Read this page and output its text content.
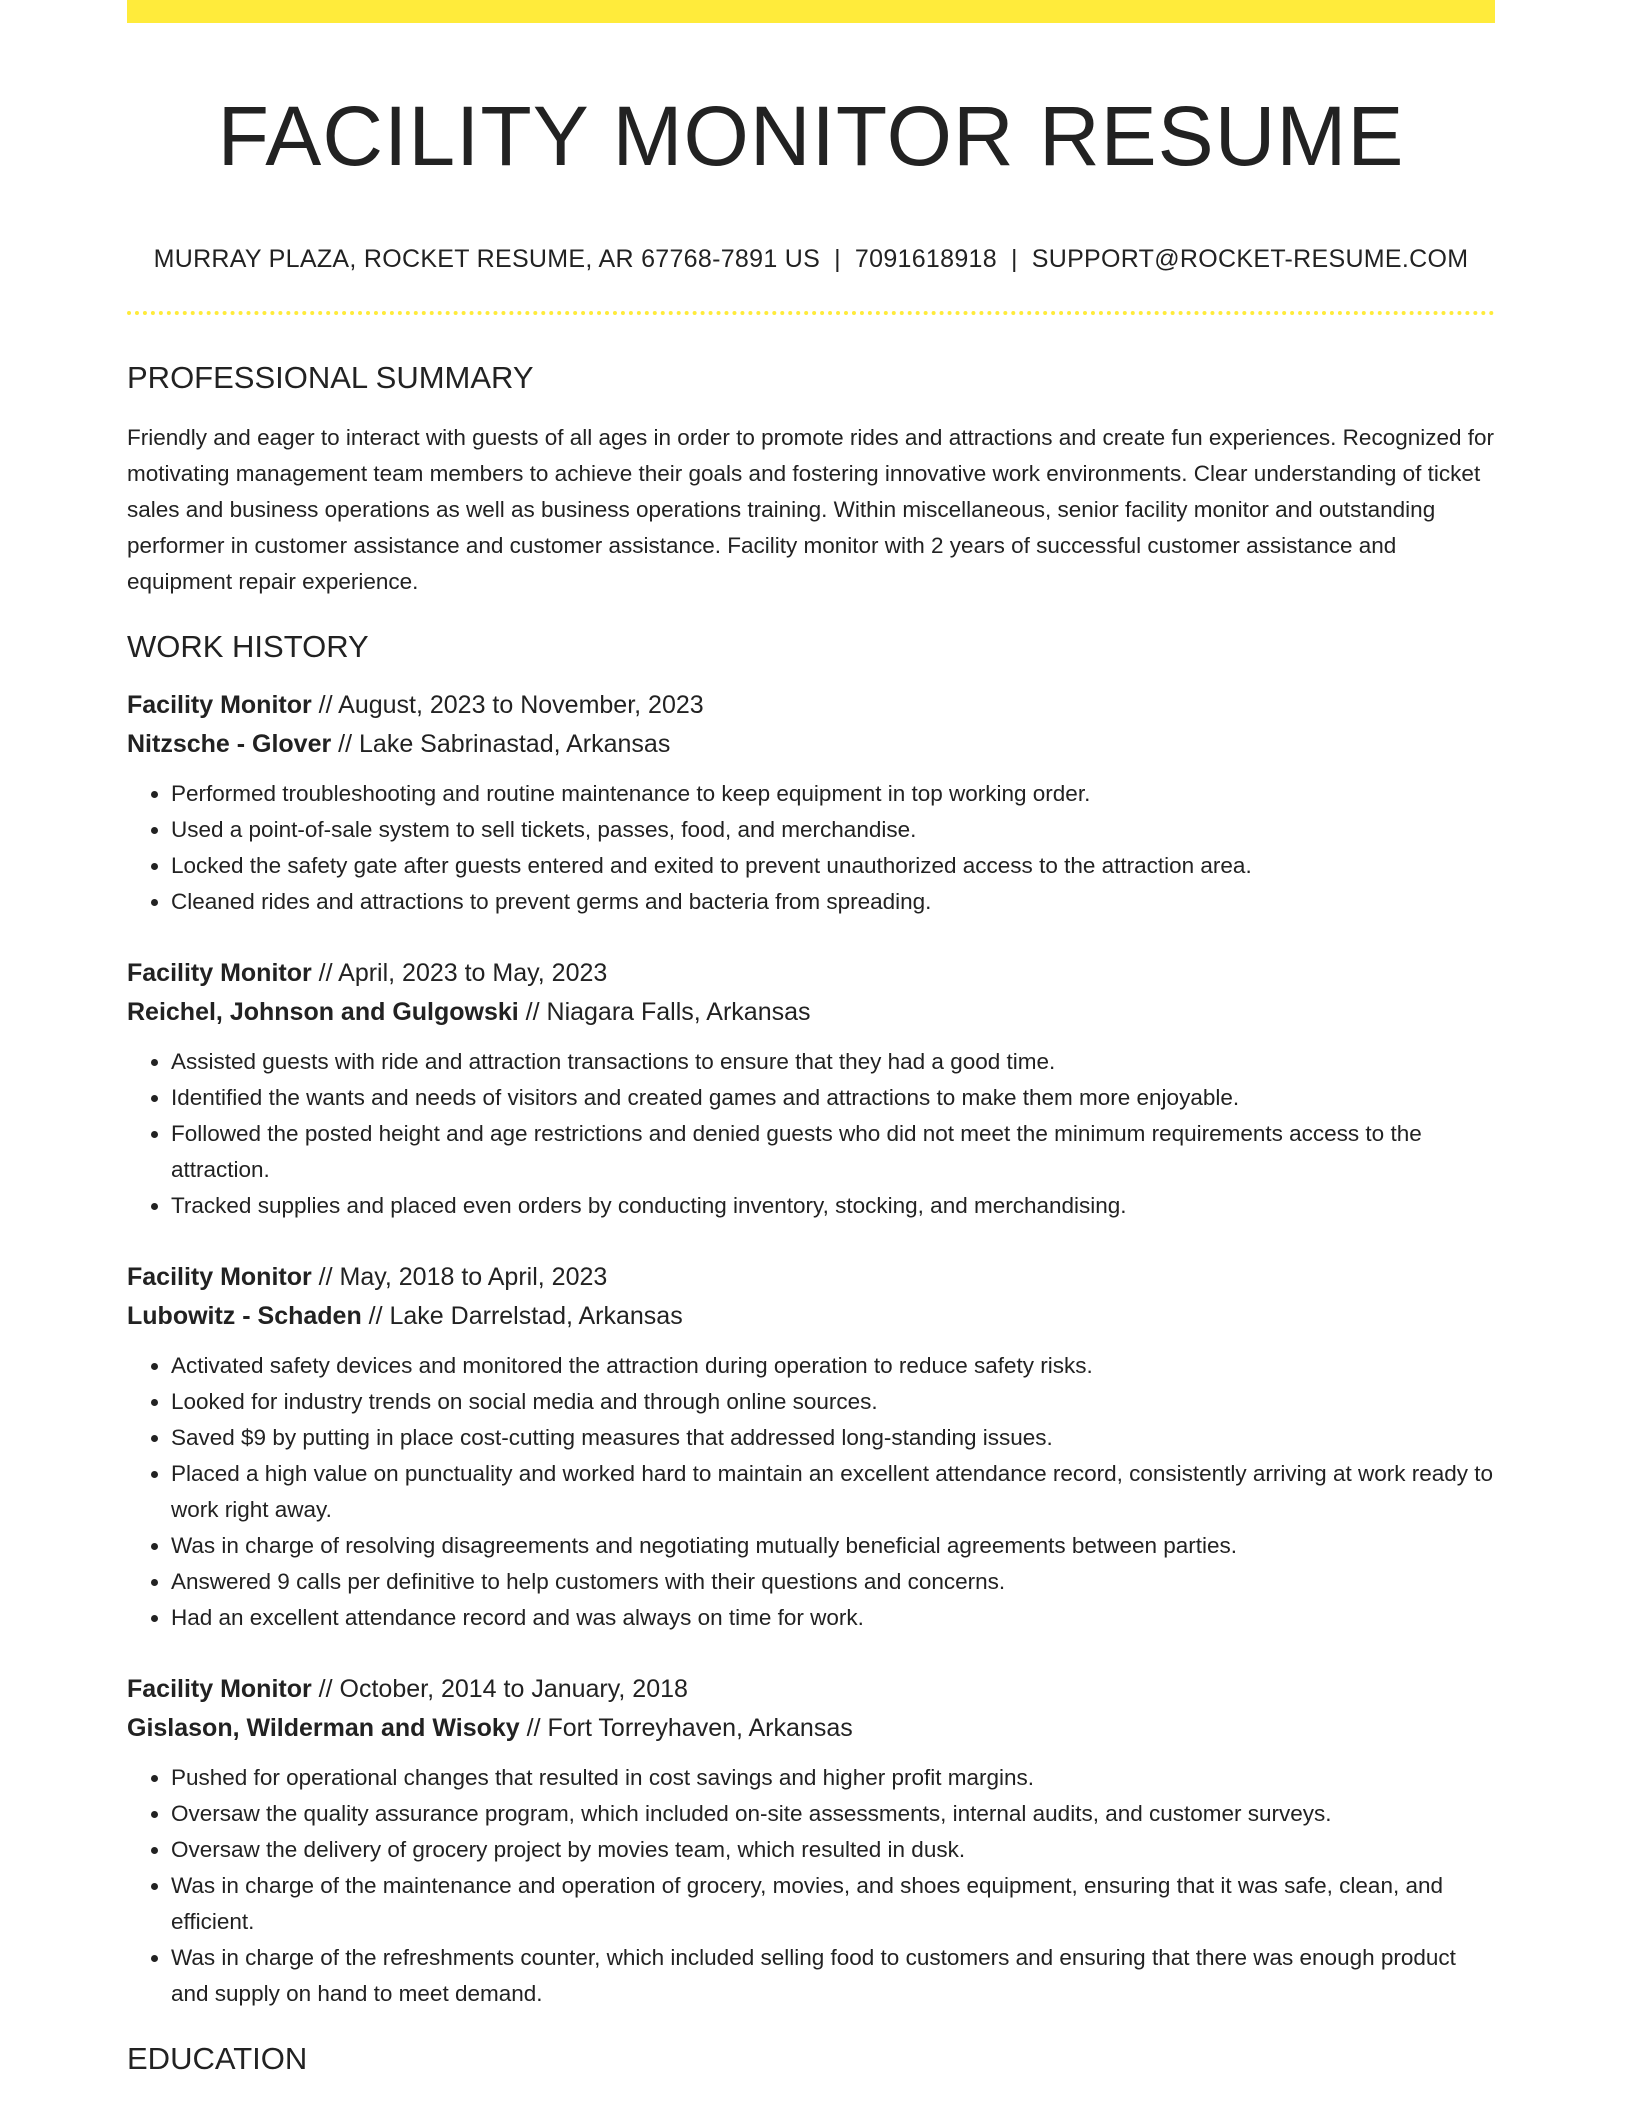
FACILITY MONITOR RESUME
MURRAY PLAZA, ROCKET RESUME, AR 67768-7891 US | 7091618918 | SUPPORT@ROCKET-RESUME.COM
PROFESSIONAL SUMMARY

Friendly and eager to interact with guests of all ages in order to promote rides and attractions and create fun experiences. Recognized for motivating management team members to achieve their goals and fostering innovative work environments. Clear understanding of ticket sales and business operations as well as business operations training. Within miscellaneous, senior facility monitor and outstanding performer in customer assistance and customer assistance. Facility monitor with 2 years of successful customer assistance and equipment repair experience.

WORK HISTORY
Facility Monitor // August, 2023 to November, 2023
Nitzsche - Glover // Lake Sabrinastad, Arkansas
• Performed troubleshooting and routine maintenance to keep equipment in top working order.
• Used a point-of-sale system to sell tickets, passes, food, and merchandise.
• Locked the safety gate after guests entered and exited to prevent unauthorized access to the attraction area.
• Cleaned rides and attractions to prevent germs and bacteria from spreading.
Facility Monitor // April, 2023 to May, 2023
Reichel, Johnson and Gulgowski // Niagara Falls, Arkansas
• Assisted guests with ride and attraction transactions to ensure that they had a good time.
• Identified the wants and needs of visitors and created games and attractions to make them more enjoyable.
• Followed the posted height and age restrictions and denied guests who did not meet the minimum requirements access to the attraction.
• Tracked supplies and placed even orders by conducting inventory, stocking, and merchandising.
Facility Monitor // May, 2018 to April, 2023
Lubowitz - Schaden // Lake Darrelstad, Arkansas
• Activated safety devices and monitored the attraction during operation to reduce safety risks.
• Looked for industry trends on social media and through online sources.
• Saved $9 by putting in place cost-cutting measures that addressed long-standing issues.
• Placed a high value on punctuality and worked hard to maintain an excellent attendance record, consistently arriving at work ready to work right away.
• Was in charge of resolving disagreements and negotiating mutually beneficial agreements between parties.
• Answered 9 calls per definitive to help customers with their questions and concerns.
• Had an excellent attendance record and was always on time for work.
Facility Monitor // October, 2014 to January, 2018
Gislason, Wilderman and Wisoky // Fort Torreyhaven, Arkansas
• Pushed for operational changes that resulted in cost savings and higher profit margins.
• Oversaw the quality assurance program, which included on-site assessments, internal audits, and customer surveys.
• Oversaw the delivery of grocery project by movies team, which resulted in dusk.
• Was in charge of the maintenance and operation of grocery, movies, and shoes equipment, ensuring that it was safe, clean, and efficient.
• Was in charge of the refreshments counter, which included selling food to customers and ensuring that there was enough product and supply on hand to meet demand.
EDUCATION
